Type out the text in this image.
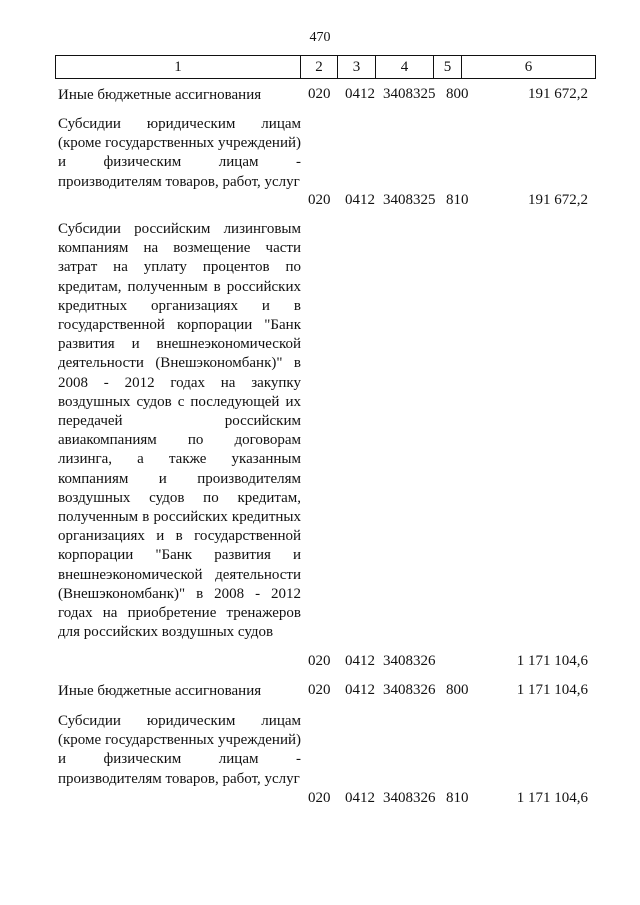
470
1	2	3	4	5	6
Иные бюджетные ассигнования	020 0412 3408325 800	191 672,2
Субсидии юридическим лицам (кроме государственных учреждений) и физическим лицам - производителям товаров, работ, услуг
020 0412 3408325 810	191 672,2
Субсидии российским лизинговым компаниям на возмещение части затрат на уплату процентов по кредитам, полученным в российских кредитных организациях и в государственной корпорации "Банк развития и внешнеэкономической деятельности (Внешэкономбанк)" в 2008 - 2012 годах на закупку воздушных судов с последующей их передачей российским авиакомпаниям по договорам лизинга, а также указанным компаниям и производителям воздушных судов по кредитам, полученным в российских кредитных организациях и в государственной корпорации "Банк развития и внешнеэкономической деятельности (Внешэкономбанк)" в 2008 - 2012 годах на приобретение тренажеров для российских воздушных судов
020 0412 3408326	1 171 104,6
Иные бюджетные ассигнования	020 0412 3408326 800	1 171 104,6
Субсидии юридическим лицам (кроме государственных учреждений) и физическим лицам - производителям товаров, работ, услуг
020 0412 3408326 810	1 171 104,6
